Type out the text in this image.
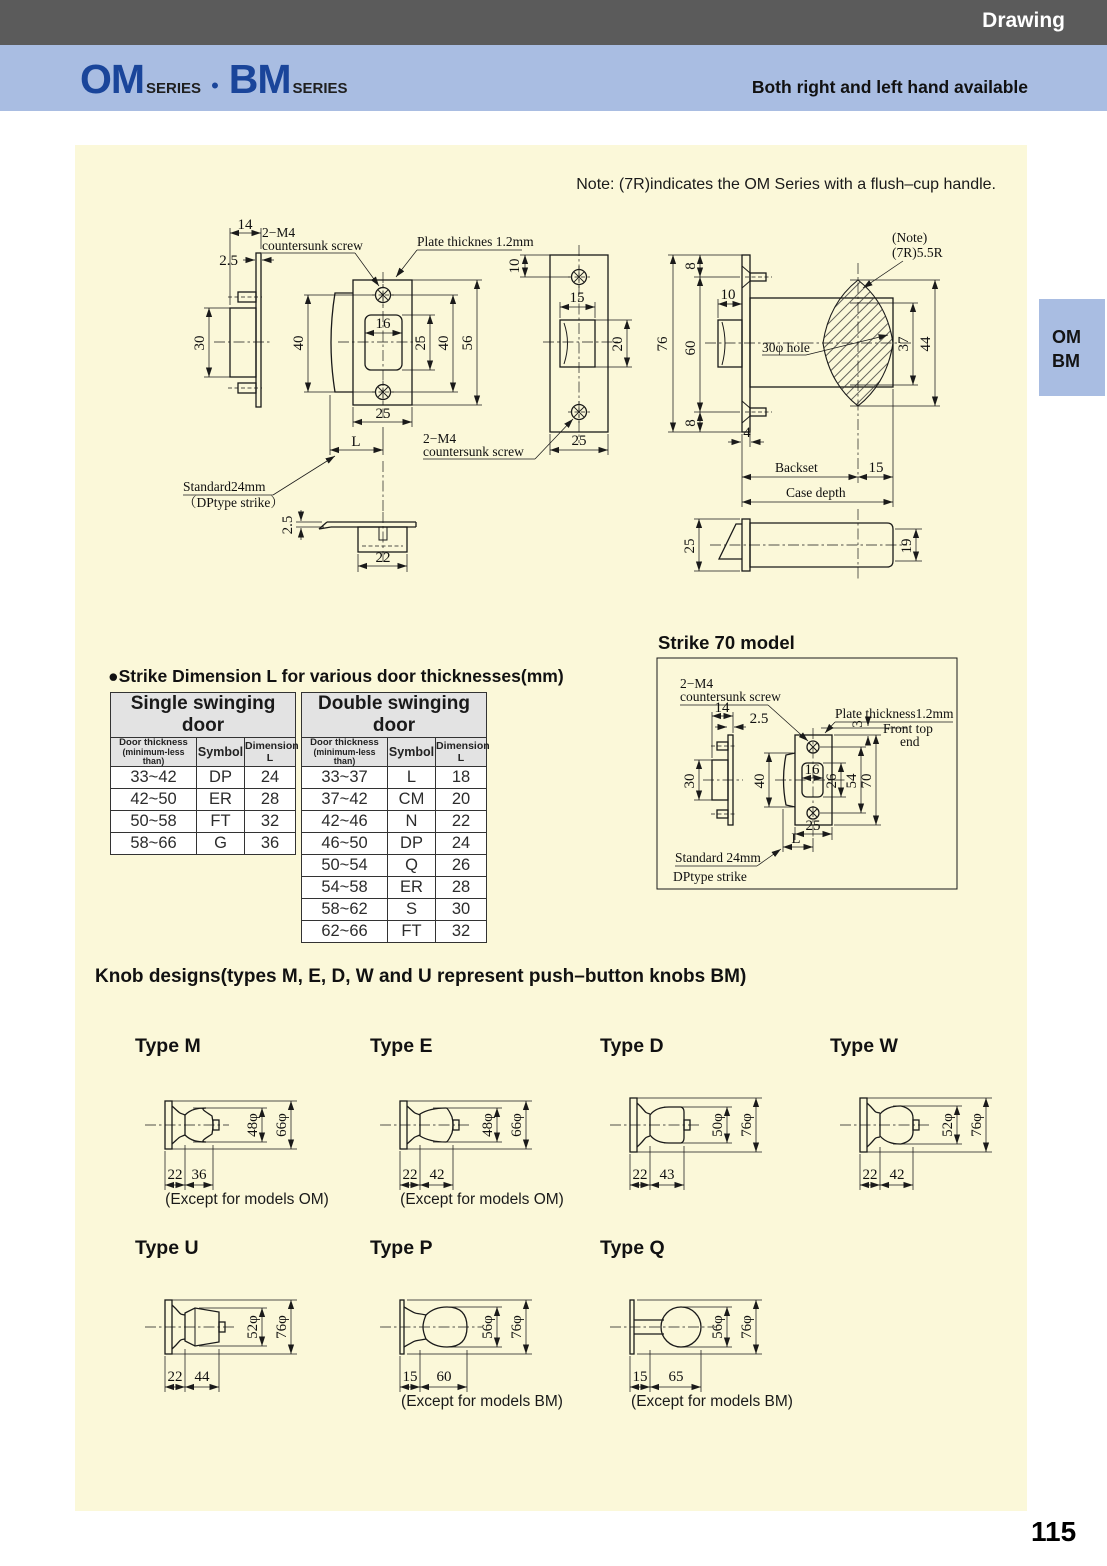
Drawing
OM SERIES • BM SERIES	Both right and left hand available
OM
BM
Note: (7R)indicates the OM Series with a flush–cup handle.
14
2.5
30	40
16
25 40 56
25
L
2−M4
countersunk screw	Plate thicknes 1.2mm
Standard24mm
（DPtype strike）
15
20
25
10
2−M4
countersunk screw
76 60
8
8
10
4
37 44
30φ hole
(Note)
(7R)5.5R
Backset	15
Case depth
2.5
22
25	19
●Strike Dimension L for various door thicknesses(mm)
Single swinging door		

Door thickness
(minimum-less than)	Symbol	Dimension L
33~42	DP	24
42~50	ER	28
50~58	FT	32
58~66	G	36
Double swinging door		

Door thickness
(minimum-less than)	Symbol	Dimension L
33~37	L	18
37~42	CM	20
42~46	N	22
46~50	DP	24
50~54	Q	26
54~58	ER	28
58~62	S	30
62~66	FT	32
Strike 70 model
14
2.5
30	40
16
26 54 70
3 Front top
end
25
L
2−M4
countersunk screw
Plate thickness1.2mm
Standard 24mm
DPtype strike
Knob designs(types M, E, D, W and U represent push–button knobs BM)
Type M
48φ 66φ
22 36
(Except for models OM)
Type E
48φ 66φ
22 42
(Except for models OM)
Type D
50φ 76φ
22 43
Type W
52φ 76φ
22 42
Type U
52φ 76φ
22 44
Type P
56φ 76φ
15 60
(Except for models BM)
Type Q
56φ 76φ
15 65
(Except for models BM)
115
